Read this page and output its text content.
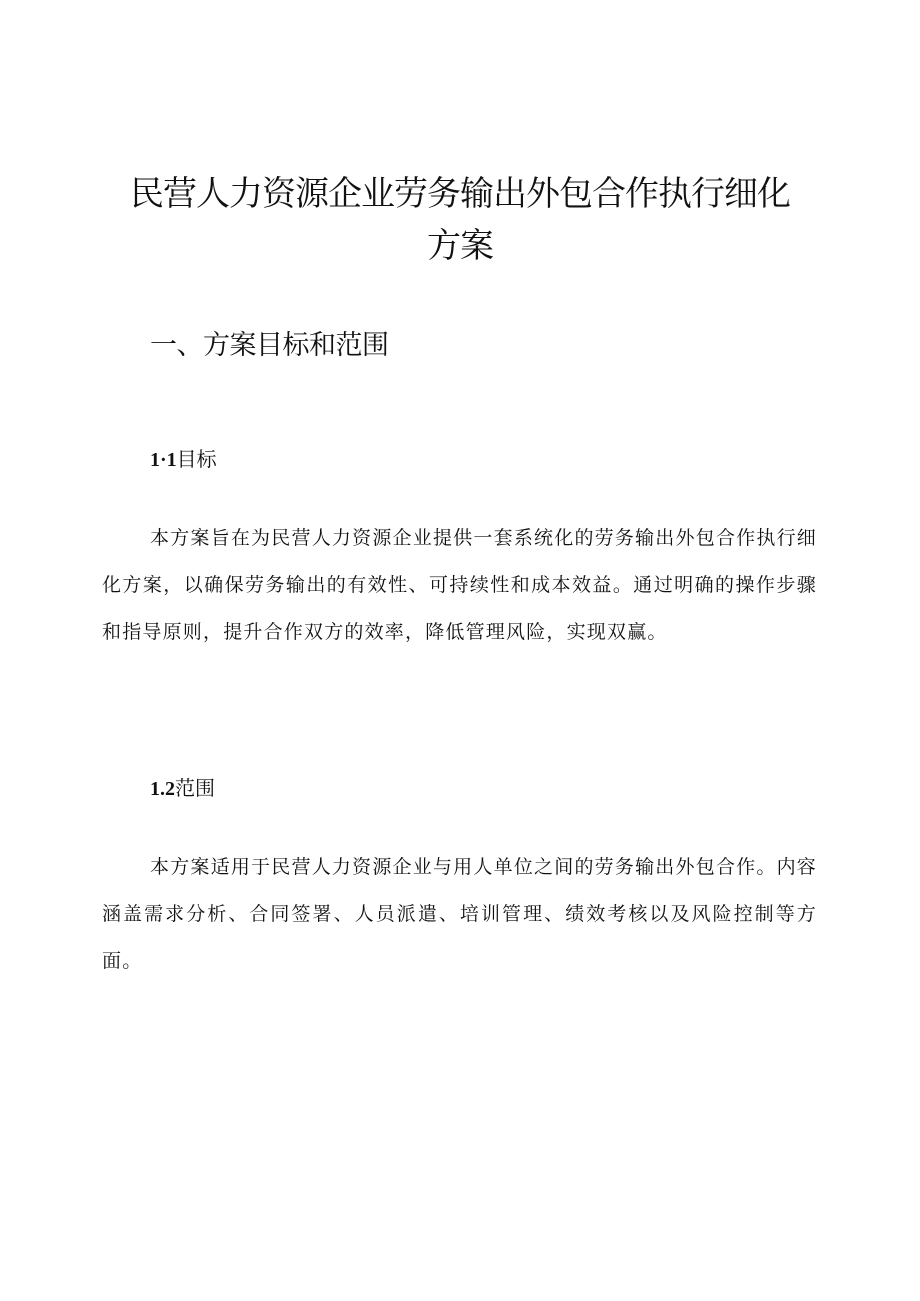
民营人力资源企业劳务输出外包合作执行细化方案
一、方案目标和范围
1·1目标

本方案旨在为民营人力资源企业提供一套系统化的劳务输出外包合作执行细化方案，以确保劳务输出的有效性、可持续性和成本效益。通过明确的操作步骤和指导原则，提升合作双方的效率，降低管理风险，实现双赢。

1.2范围

本方案适用于民营人力资源企业与用人单位之间的劳务输出外包合作。内容涵盖需求分析、合同签署、人员派遣、培训管理、绩效考核以及风险控制等方面。
